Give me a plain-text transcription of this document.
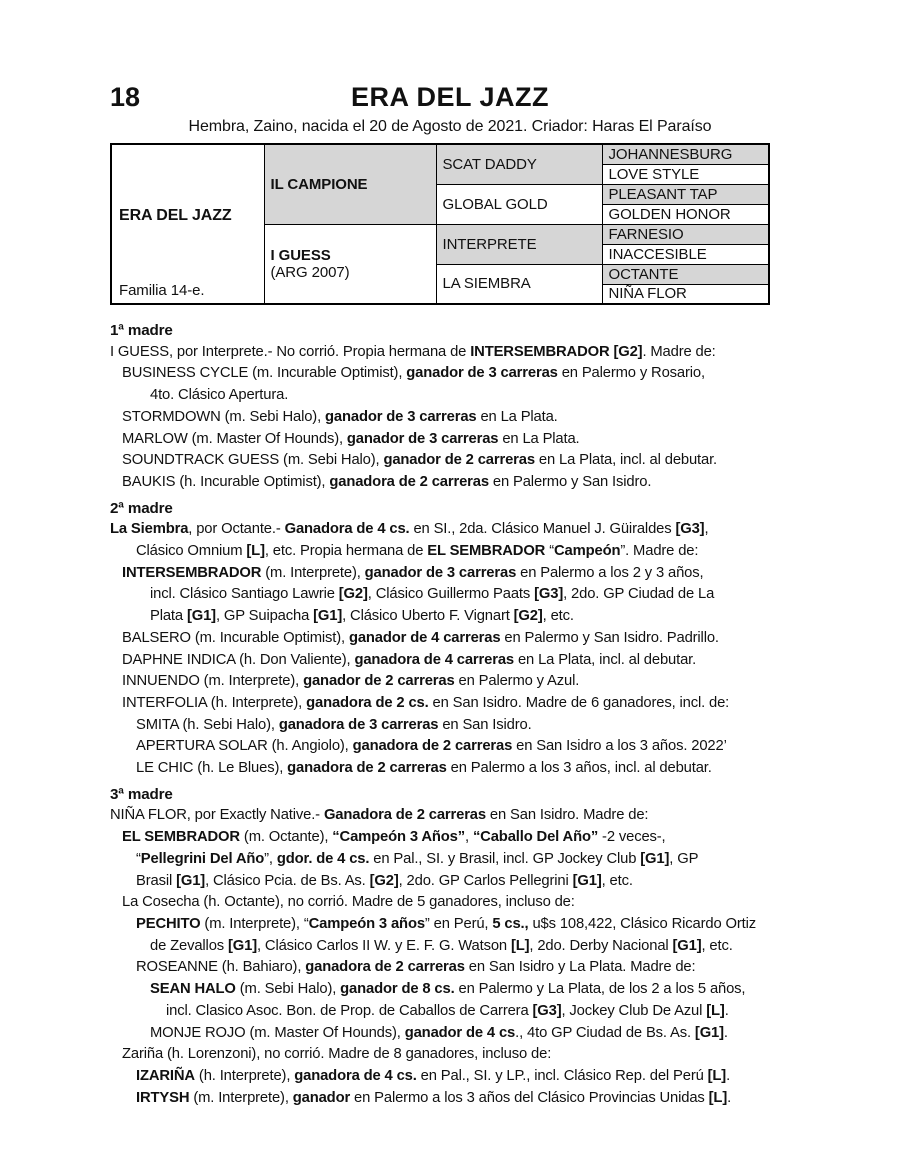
18	ERA DEL JAZZ
Hembra, Zaino, nacida el 20 de Agosto de 2021. Criador: Haras El Paraíso
ERA DEL JAZZ
Familia 14-e.	IL CAMPIONE	SCAT DADDY	JOHANNESBURG
			LOVE STYLE
		GLOBAL GOLD	PLEASANT TAP
			GOLDEN HONOR

	I GUESS
(ARG 2007)	INTERPRETE	FARNESIO
			INACCESIBLE
		LA SIEMBRA	OCTANTE
			NIÑA FLOR
1ª madre
I GUESS, por Interprete.- No corrió. Propia hermana de INTERSEMBRADOR [G2]. Madre de:
BUSINESS CYCLE (m. Incurable Optimist), ganador de 3 carreras en Palermo y Rosario,
4to. Clásico Apertura.
STORMDOWN (m. Sebi Halo), ganador de 3 carreras en La Plata.
MARLOW (m. Master Of Hounds), ganador de 3 carreras en La Plata.
SOUNDTRACK GUESS (m. Sebi Halo), ganador de 2 carreras en La Plata, incl. al debutar.
BAUKIS (h. Incurable Optimist), ganadora de 2 carreras en Palermo y San Isidro.
2ª madre
La Siembra, por Octante.- Ganadora de 4 cs. en SI., 2da. Clásico Manuel J. Güiraldes [G3],
Clásico Omnium [L], etc. Propia hermana de EL SEMBRADOR “Campeón”. Madre de:
INTERSEMBRADOR (m. Interprete), ganador de 3 carreras en Palermo a los 2 y 3 años,
incl. Clásico Santiago Lawrie [G2], Clásico Guillermo Paats [G3], 2do. GP Ciudad de La
Plata [G1], GP Suipacha [G1], Clásico Uberto F. Vignart [G2], etc.
BALSERO (m. Incurable Optimist), ganador de 4 carreras en Palermo y San Isidro. Padrillo.
DAPHNE INDICA (h. Don Valiente), ganadora de 4 carreras en La Plata, incl. al debutar.
INNUENDO (m. Interprete), ganador de 2 carreras en Palermo y Azul.
INTERFOLIA (h. Interprete), ganadora de 2 cs. en San Isidro. Madre de 6 ganadores, incl. de:
SMITA (h. Sebi Halo), ganadora de 3 carreras en San Isidro.
APERTURA SOLAR (h. Angiolo), ganadora de 2 carreras en San Isidro a los 3 años. 2022’
LE CHIC (h. Le Blues), ganadora de 2 carreras en Palermo a los 3 años, incl. al debutar.
3ª madre
NIÑA FLOR, por Exactly Native.- Ganadora de 2 carreras en San Isidro. Madre de:
EL SEMBRADOR (m. Octante), “Campeón 3 Años”, “Caballo Del Año” -2 veces-,
“Pellegrini Del Año”, gdor. de 4 cs. en Pal., SI. y Brasil, incl. GP Jockey Club [G1], GP
Brasil [G1], Clásico Pcia. de Bs. As. [G2], 2do. GP Carlos Pellegrini [G1], etc.
La Cosecha (h. Octante), no corrió. Madre de 5 ganadores, incluso de:
PECHITO (m. Interprete), “Campeón 3 años” en Perú, 5 cs., u$s 108,422, Clásico Ricardo Ortiz
de Zevallos [G1], Clásico Carlos II W. y E. F. G. Watson [L], 2do. Derby Nacional [G1], etc.
ROSEANNE (h. Bahiaro), ganadora de 2 carreras en San Isidro y La Plata. Madre de:
SEAN HALO (m. Sebi Halo), ganador de 8 cs. en Palermo y La Plata, de los 2 a los 5 años,
incl. Clasico Asoc. Bon. de Prop. de Caballos de Carrera [G3], Jockey Club De Azul [L].
MONJE ROJO (m. Master Of Hounds), ganador de 4 cs., 4to GP Ciudad de Bs. As. [G1].
Zariña (h. Lorenzoni), no corrió. Madre de 8 ganadores, incluso de:
IZARIÑA (h. Interprete), ganadora de 4 cs. en Pal., SI. y LP., incl. Clásico Rep. del Perú [L].
IRTYSH (m. Interprete), ganador en Palermo a los 3 años del Clásico Provincias Unidas [L].
